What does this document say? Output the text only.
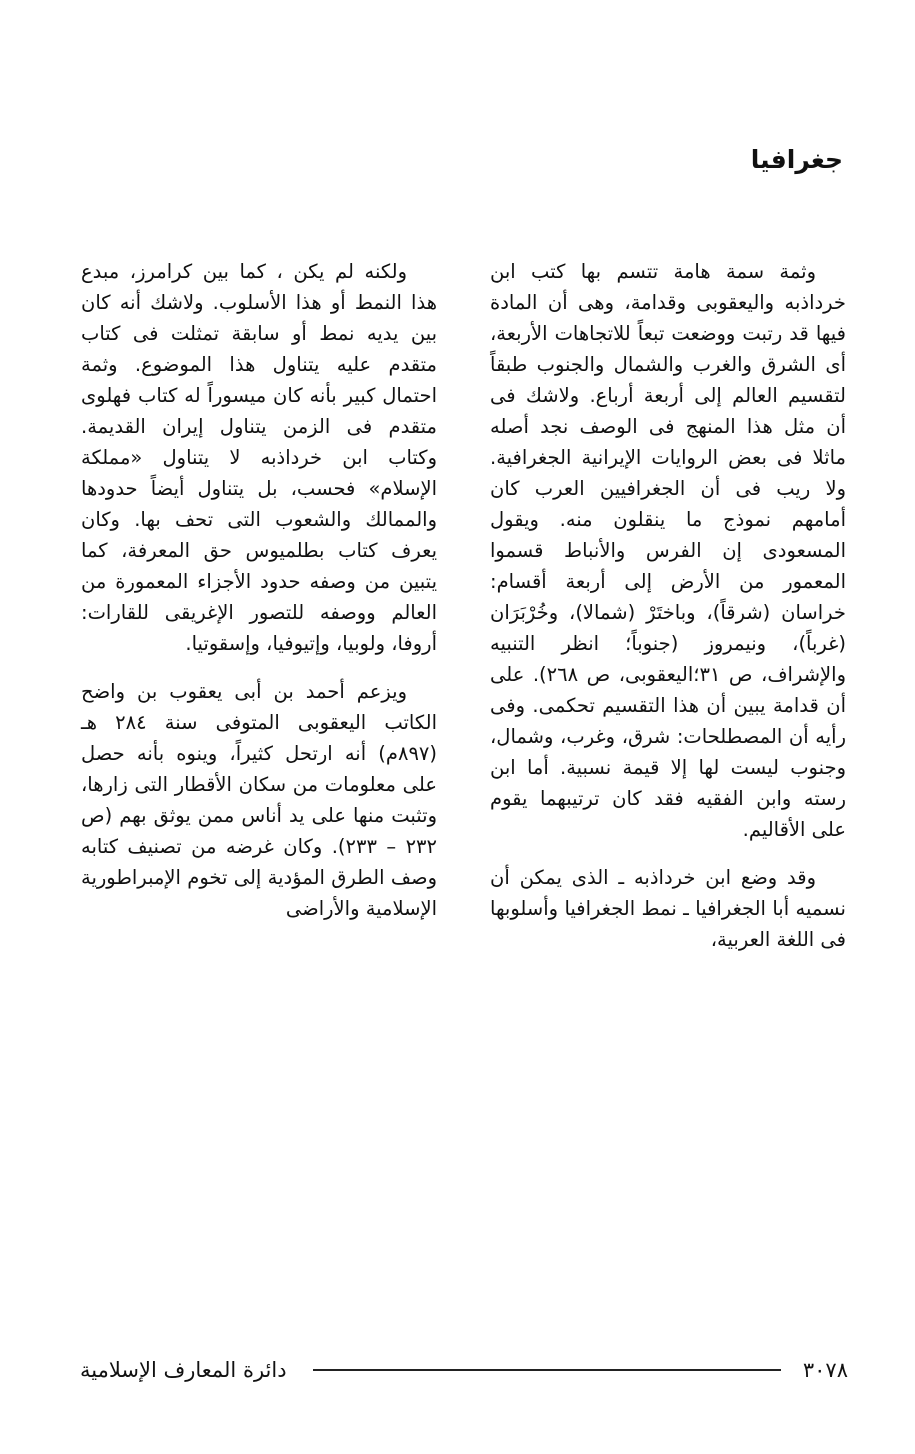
جغرافيا

وثمة سمة هامة تتسم بها كتب ابن خرداذبه واليعقوبى وقدامة، وهى أن المادة فيها قد رتبت ووضعت تبعاً للاتجاهات الأربعة، أى الشرق والغرب والشمال والجنوب طبقاً لتقسيم العالم إلى أربعة أرباع. ولاشك فى أن مثل هذا المنهج فى الوصف نجد أصله ماثلا فى بعض الروايات الإيرانية الجغرافية. ولا ريب فى أن الجغرافيين العرب كان أمامهم نموذج ما ينقلون منه. ويقول المسعودى إن الفرس والأنباط قسموا المعمور من الأرض إلى أربعة أقسام: خراسان (شرقاً)، وباختَرْ (شمالا)، وخُرْبَرَان (غرباً)، ونيمروز (جنوباً؛ انظر التنبيه والإشراف، ص ٣١؛اليعقوبى، ص ٢٦٨). على أن قدامة يبين أن هذا التقسيم تحكمى. وفى رأيه أن المصطلحات: شرق، وغرب، وشمال، وجنوب ليست لها إلا قيمة نسبية. أما ابن رسته وابن الفقيه فقد كان ترتيبهما يقوم على الأقاليم.

وقد وضع ابن خرداذبه ـ الذى يمكن أن نسميه أبا الجغرافيا ـ نمط الجغرافيا وأسلوبها فى اللغة العربية،

ولكنه لم يكن ، كما بين كرامرز، مبدع هذا النمط أو هذا الأسلوب. ولاشك أنه كان بين يديه نمط أو سابقة تمثلت فى كتاب متقدم عليه يتناول هذا الموضوع. وثمة احتمال كبير بأنه كان ميسوراً له كتاب فهلوى متقدم فى الزمن يتناول إيران القديمة. وكتاب ابن خرداذبه لا يتناول «مملكة الإسلام» فحسب، بل يتناول أيضاً حدودها والممالك والشعوب التى تحف بها. وكان يعرف كتاب بطلميوس حق المعرفة، كما يتبين من وصفه حدود الأجزاء المعمورة من العالم ووصفه للتصور الإغريقى للقارات: أروفا، ولوبيا، وإتيوفيا، وإسقوتيا.

ويزعم أحمد بن أبى يعقوب بن واضح الكاتب اليعقوبى المتوفى سنة ٢٨٤ هـ (٨٩٧م) أنه ارتحل كثيراً، وينوه بأنه حصل على معلومات من سكان الأقطار التى زارها، وتثبت منها على يد أناس ممن يوثق بهم (ص ٢٣٢ – ٢٣٣). وكان غرضه من تصنيف كتابه وصف الطرق المؤدية إلى تخوم الإمبراطورية الإسلامية والأراضى

دائرة المعارف الإسلامية	٣٠٧٨
